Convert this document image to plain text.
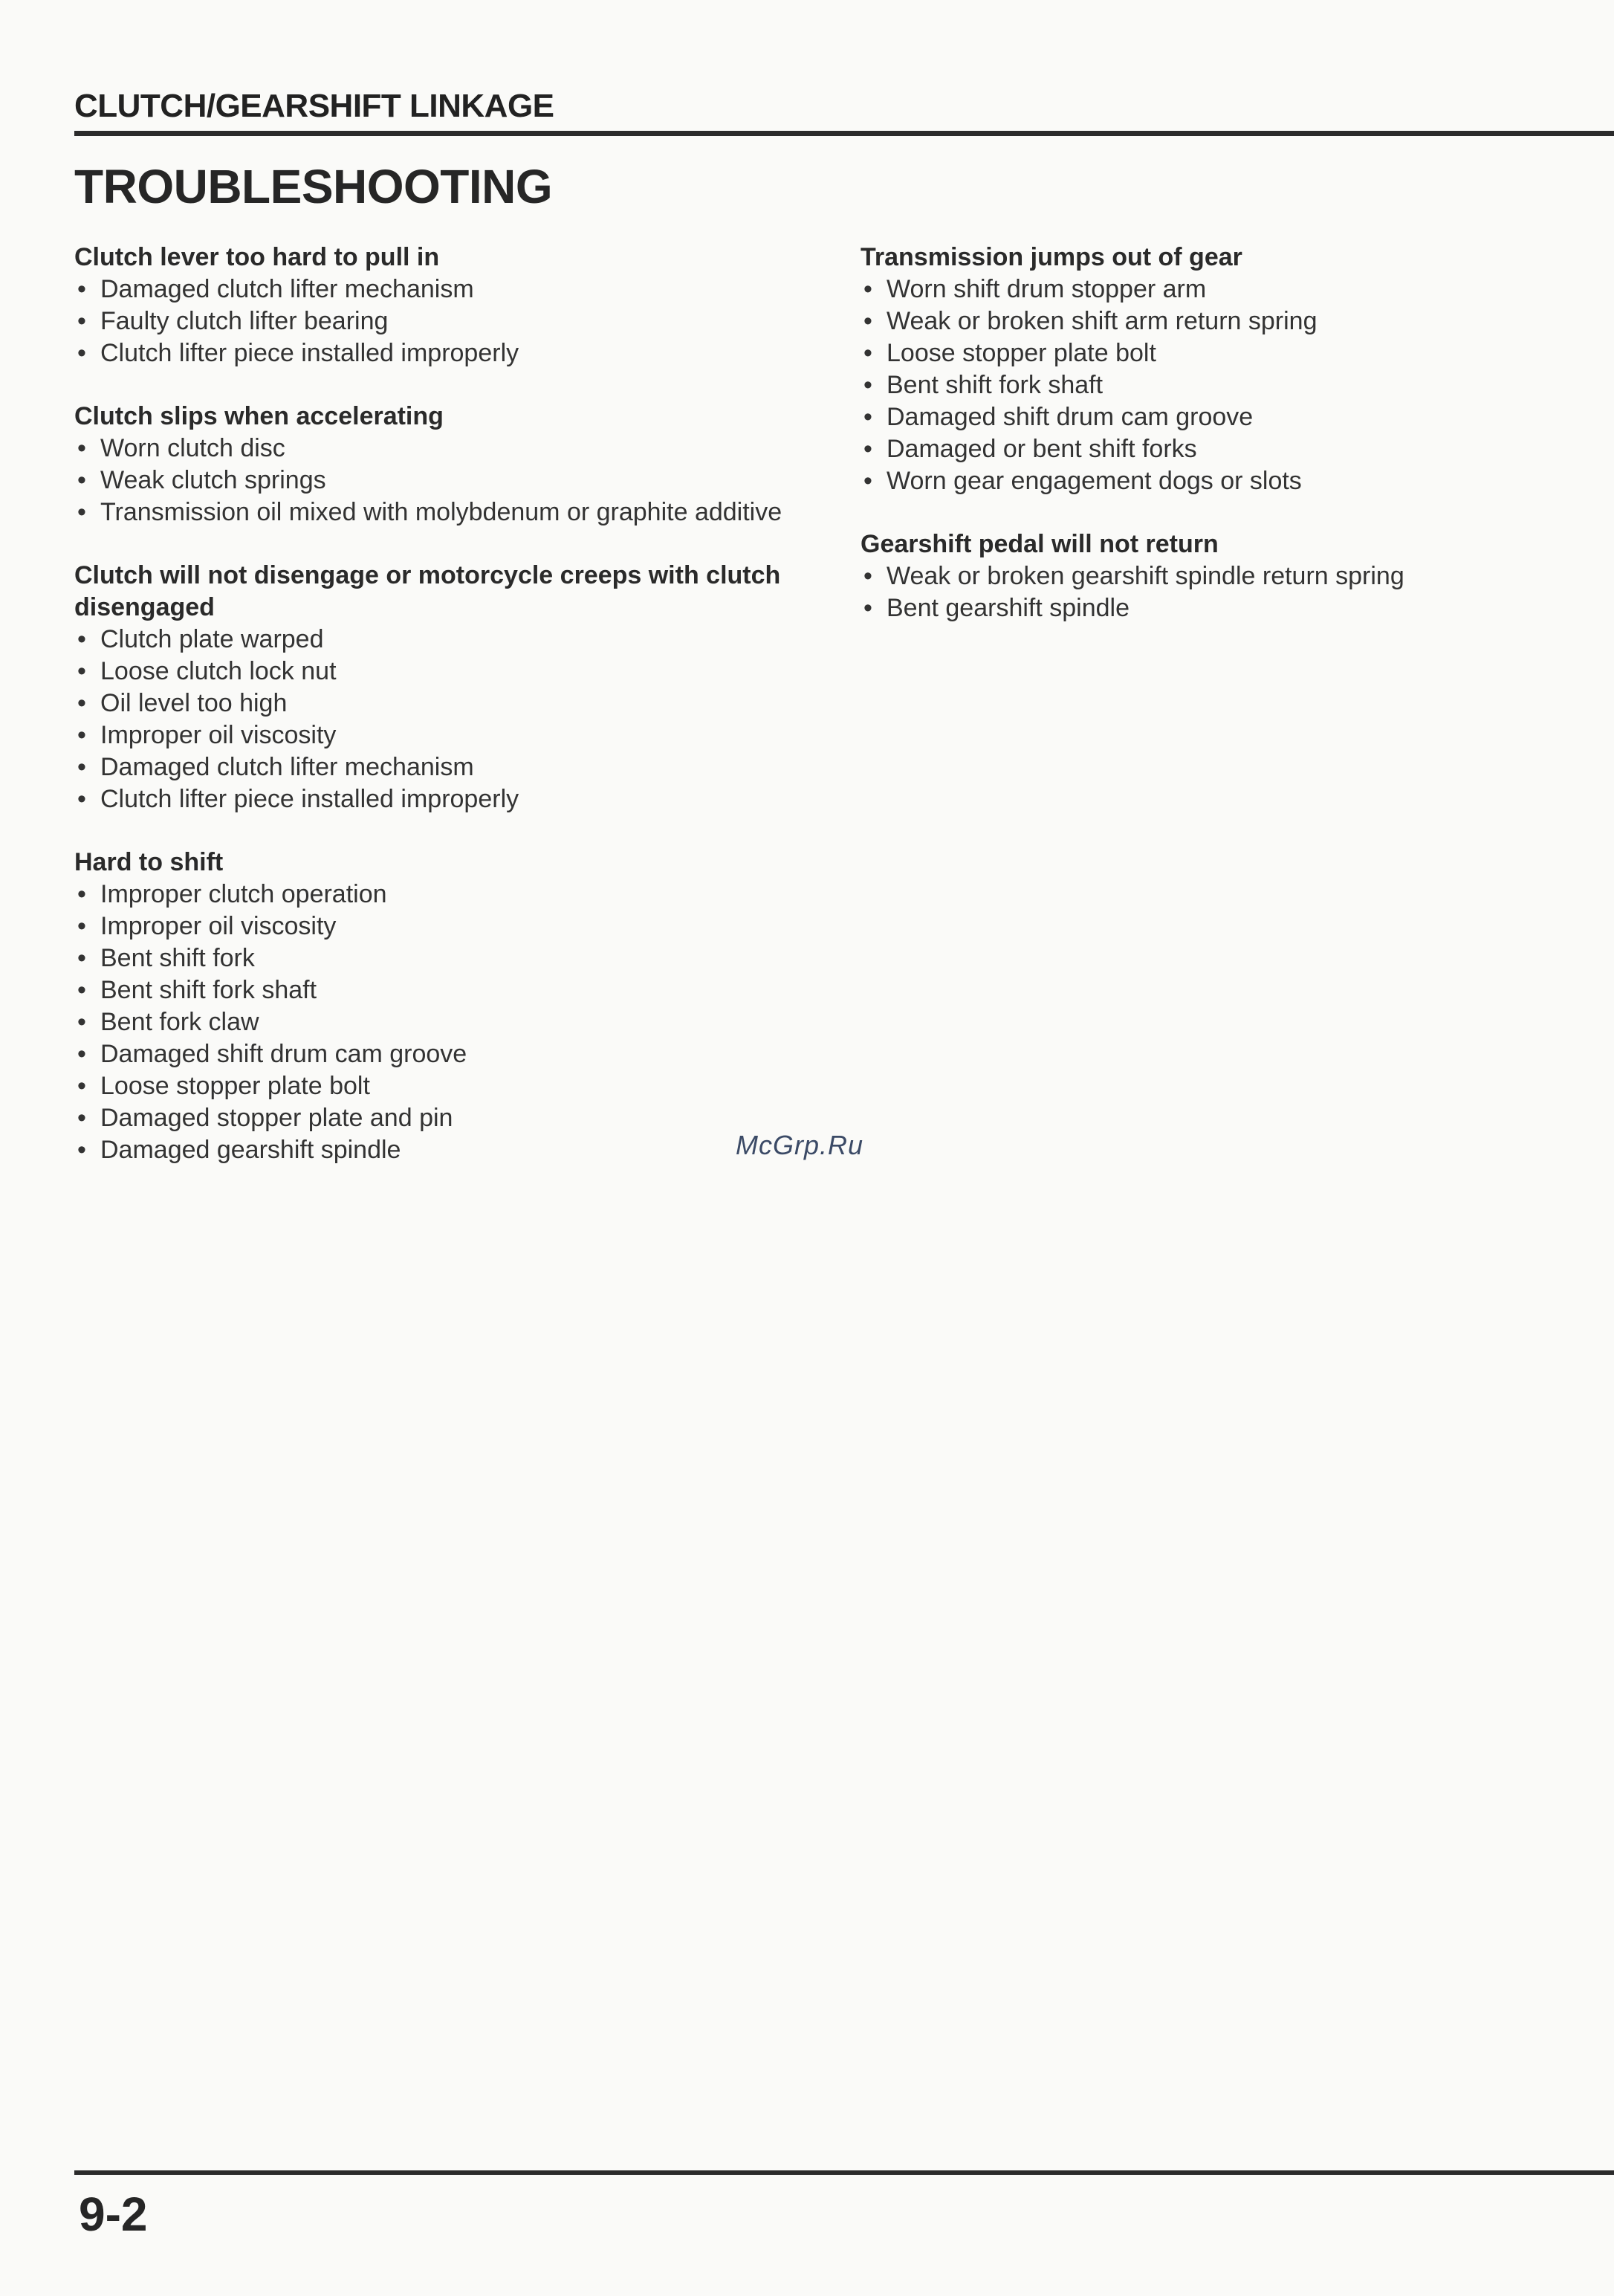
CLUTCH/GEARSHIFT LINKAGE
TROUBLESHOOTING
Clutch lever too hard to pull in
• Damaged clutch lifter mechanism
• Faulty clutch lifter bearing
• Clutch lifter piece installed improperly
Clutch slips when accelerating
• Worn clutch disc
• Weak clutch springs
• Transmission oil mixed with molybdenum or graphite additive
Clutch will not disengage or motorcycle creeps with clutch disengaged
• Clutch plate warped
• Loose clutch lock nut
• Oil level too high
• Improper oil viscosity
• Damaged clutch lifter mechanism
• Clutch lifter piece installed improperly
Hard to shift
• Improper clutch operation
• Improper oil viscosity
• Bent shift fork
• Bent shift fork shaft
• Bent fork claw
• Damaged shift drum cam groove
• Loose stopper plate bolt
• Damaged stopper plate and pin
• Damaged gearshift spindle
Transmission jumps out of gear
• Worn shift drum stopper arm
• Weak or broken shift arm return spring
• Loose stopper plate bolt
• Bent shift fork shaft
• Damaged shift drum cam groove
• Damaged or bent shift forks
• Worn gear engagement dogs or slots
Gearshift pedal will not return
• Weak or broken gearshift spindle return spring
• Bent gearshift spindle
McGrp.Ru
9-2
